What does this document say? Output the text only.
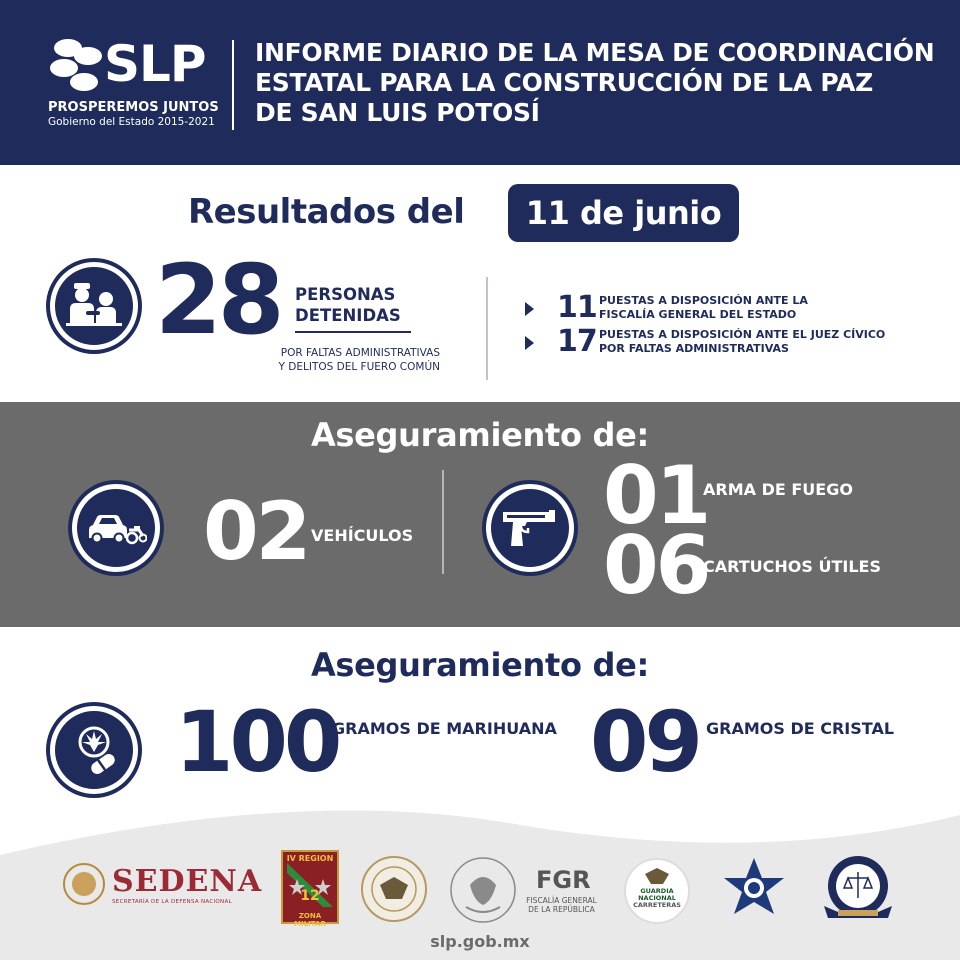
SLP
PROSPEREMOS JUNTOS
Gobierno del Estado 2015-2021
INFORME DIARIO DE LA MESA DE COORDINACIÓN
ESTATAL PARA LA CONSTRUCCIÓN DE LA PAZ
DE SAN LUIS POTOSÍ
Resultados del	11 de junio
28 PERSONAS
DETENIDAS
POR FALTAS ADMINISTRATIVAS
Y DELITOS DEL FUERO COMÚN
11 PUESTAS A DISPOSICIÓN ANTE LA
FISCALÍA GENERAL DEL ESTADO
17 PUESTAS A DISPOSICIÓN ANTE EL JUEZ CÍVICO
POR FALTAS ADMINISTRATIVAS
Aseguramiento de:
02 VEHÍCULOS 01
ARMA DE FUEGO
06
CARTUCHOS ÚTILES
Aseguramiento de:
100
GRAMOS DE MARIHUANA 09 GRAMOS DE CRISTAL
SEDENA
SECRETARÍA DE LA DEFENSA NACIONAL
IV REGION
12
ZONA MILITAR
FGR
FISCALÍA GENERAL
DE LA REPÚBLICA
GUARDIA
NACIONAL
CARRETERAS
slp.gob.mx
